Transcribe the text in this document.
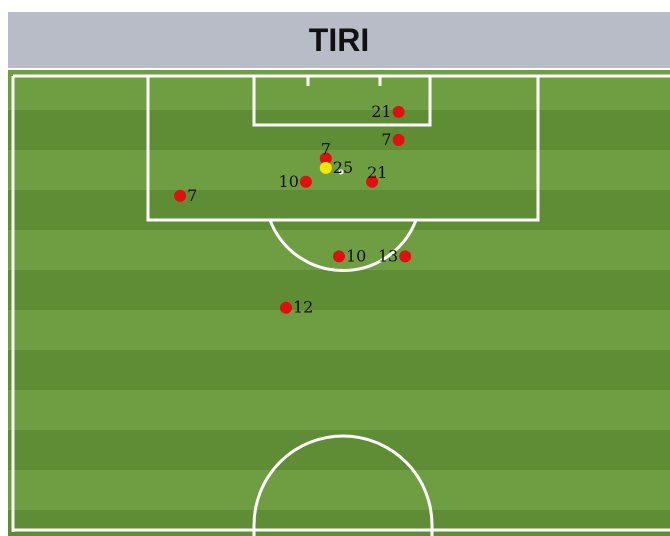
TIRI
21
7
7
25 21
10
7
10 13
12
